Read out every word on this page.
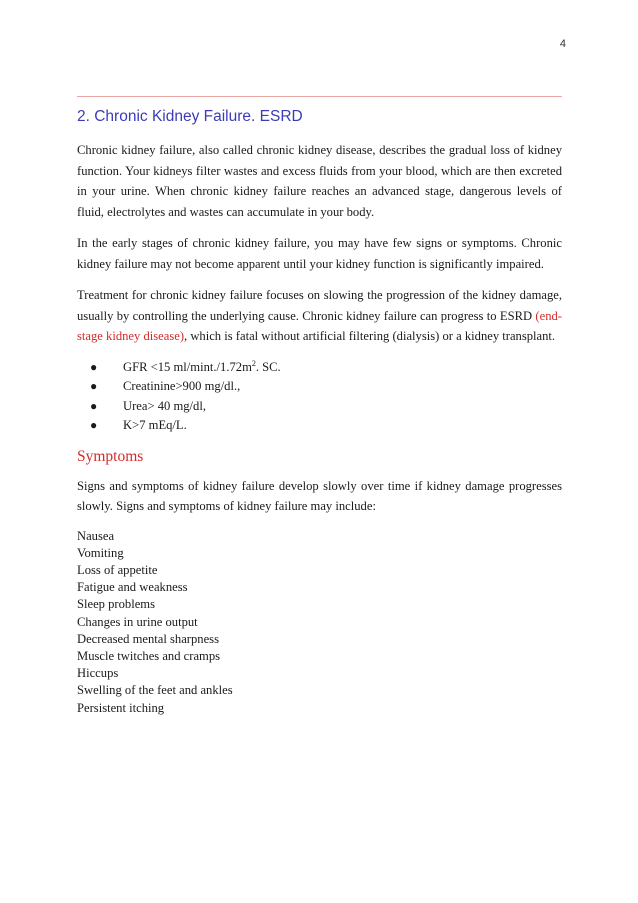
4
2. Chronic Kidney Failure. ESRD

Chronic kidney failure, also called chronic kidney disease, describes the gradual loss of kidney function. Your kidneys filter wastes and excess fluids from your blood, which are then excreted in your urine. When chronic kidney failure reaches an advanced stage, dangerous levels of fluid, electrolytes and wastes can accumulate in your body.

In the early stages of chronic kidney failure, you may have few signs or symptoms. Chronic kidney failure may not become apparent until your kidney function is significantly impaired.

Treatment for chronic kidney failure focuses on slowing the progression of the kidney damage, usually by controlling the underlying cause. Chronic kidney failure can progress to ESRD (end-stage kidney disease), which is fatal without artificial filtering (dialysis) or a kidney transplant.

● GFR <15 $ml/\min t./1.72m^2$. SC.
● Creatinine>900 mg/dl.,
● Urea> 40 mg/dl,
● K>7 mEq/L.
Symptoms

Signs and symptoms of kidney failure develop slowly over time if kidney damage progresses slowly. Signs and symptoms of kidney failure may include:

Nausea
Vomiting
Loss of appetite
Fatigue and weakness
Sleep problems
Changes in urine output
Decreased mental sharpness
Muscle twitches and cramps
Hiccups
Swelling of the feet and ankles
Persistent itching
